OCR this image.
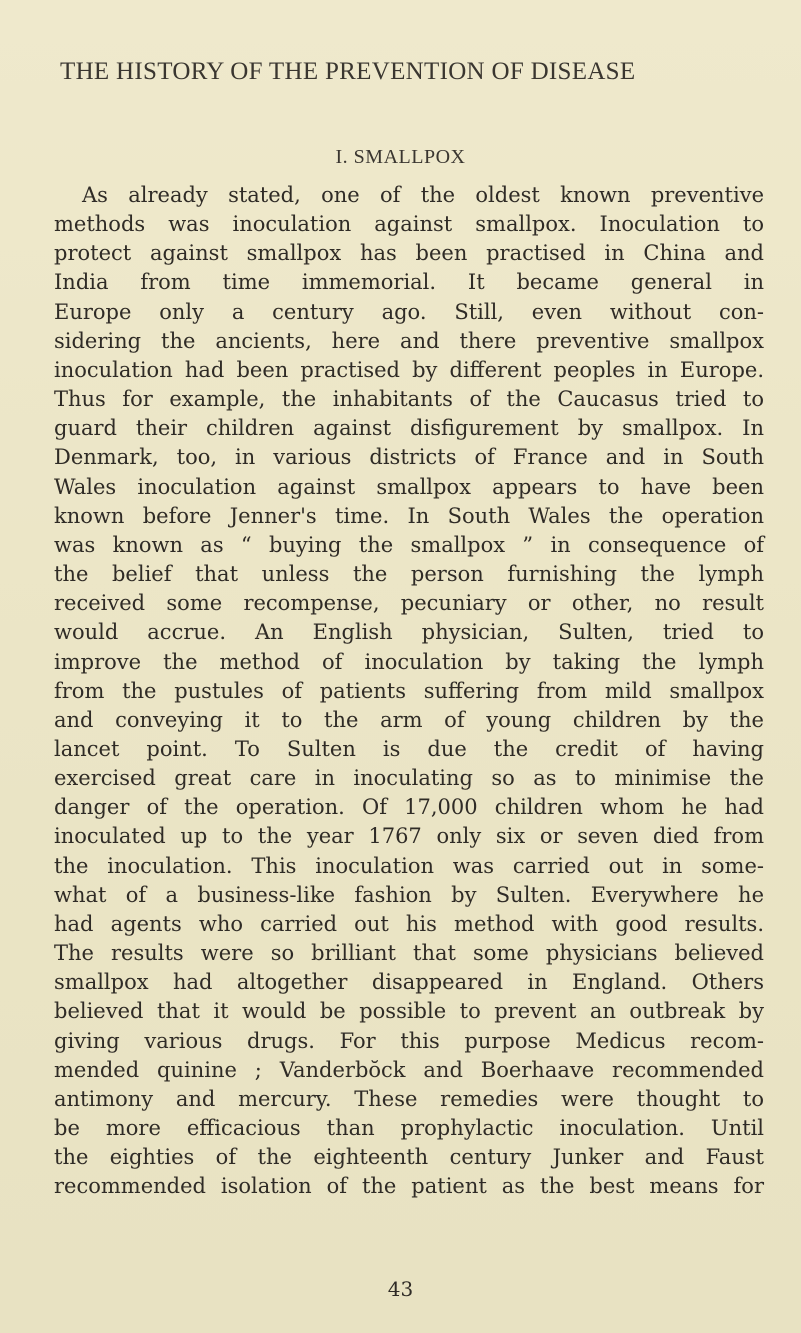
THE HISTORY OF THE PREVENTION OF DISEASE
I. SMALLPOX
As already stated, one of the oldest known preventive
methods was inoculation against smallpox. Inoculation to
protect against smallpox has been practised in China and
India from time immemorial. It became general in
Europe only a century ago. Still, even without con-
sidering the ancients, here and there preventive smallpox
inoculation had been practised by different peoples in Europe.
Thus for example, the inhabitants of the Caucasus tried to
guard their children against disfigurement by smallpox. In
Denmark, too, in various districts of France and in South
Wales inoculation against smallpox appears to have been
known before Jenner's time. In South Wales the operation
was known as “ buying the smallpox ” in consequence of
the belief that unless the person furnishing the lymph
received some recompense, pecuniary or other, no result
would accrue. An English physician, Sulten, tried to
improve the method of inoculation by taking the lymph
from the pustules of patients suffering from mild smallpox
and conveying it to the arm of young children by the
lancet point. To Sulten is due the credit of having
exercised great care in inoculating so as to minimise the
danger of the operation. Of 17,000 children whom he had
inoculated up to the year 1767 only six or seven died from
the inoculation. This inoculation was carried out in some-
what of a business-like fashion by Sulten. Everywhere he
had agents who carried out his method with good results.
The results were so brilliant that some physicians believed
smallpox had altogether disappeared in England. Others
believed that it would be possible to prevent an outbreak by
giving various drugs. For this purpose Medicus recom-
mended quinine ; Vanderbŏck and Boerhaave recommended
antimony and mercury. These remedies were thought to
be more efficacious than prophylactic inoculation. Until
the eighties of the eighteenth century Junker and Faust
recommended isolation of the patient as the best means for
43
